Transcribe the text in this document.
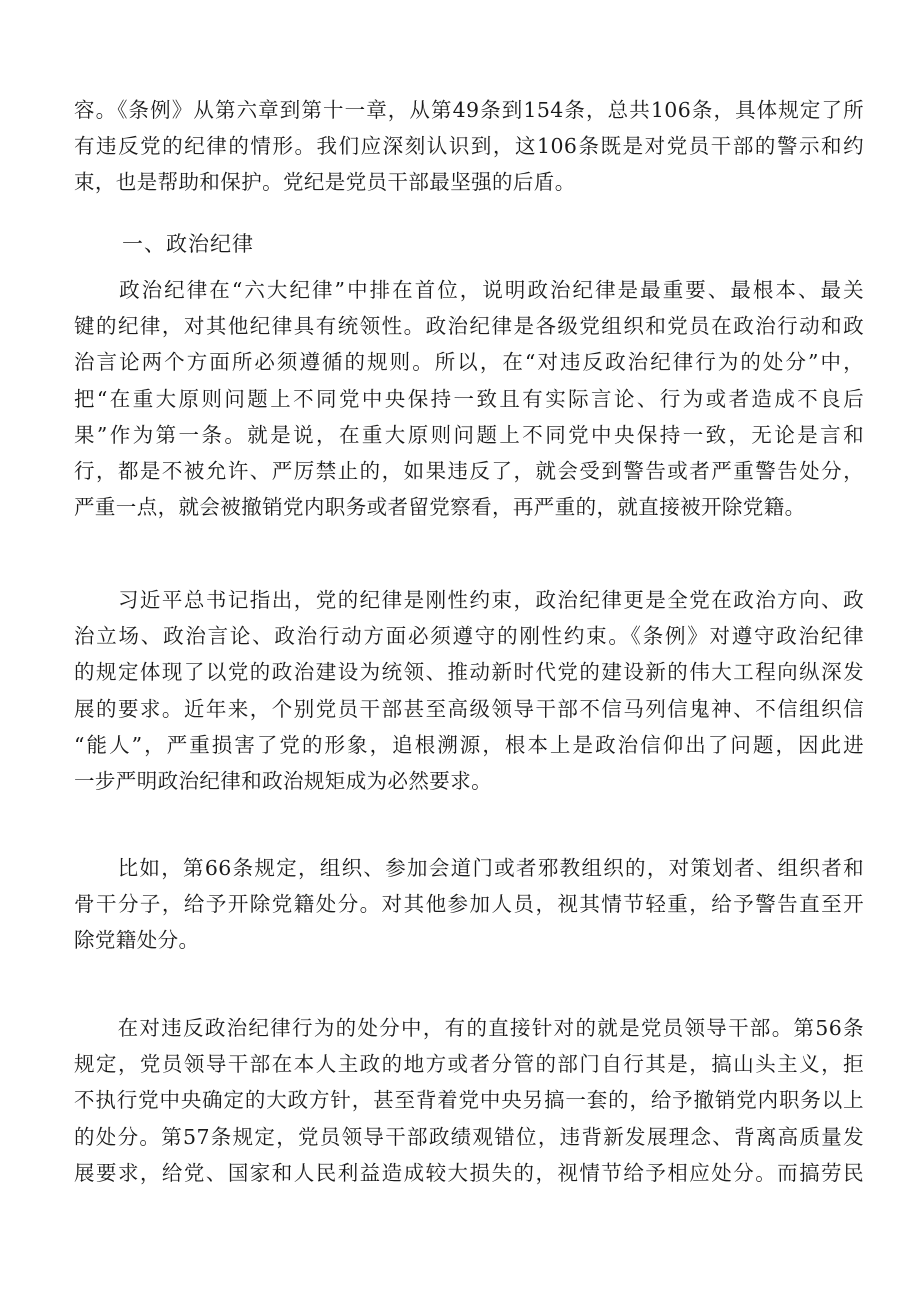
容。《条例》从第六章到第十一章，从第49条到154条，总共106条，具体规定了所
有违反党的纪律的情形。我们应深刻认识到，这106条既是对党员干部的警示和约
束，也是帮助和保护。党纪是党员干部最坚强的后盾。
一、政治纪律
　　政治纪律在“六大纪律”中排在首位，说明政治纪律是最重要、最根本、最关
键的纪律，对其他纪律具有统领性。政治纪律是各级党组织和党员在政治行动和政
治言论两个方面所必须遵循的规则。所以，在“对违反政治纪律行为的处分”中，
把“在重大原则问题上不同党中央保持一致且有实际言论、行为或者造成不良后
果”作为第一条。就是说，在重大原则问题上不同党中央保持一致，无论是言和
行，都是不被允许、严厉禁止的，如果违反了，就会受到警告或者严重警告处分，
严重一点，就会被撤销党内职务或者留党察看，再严重的，就直接被开除党籍。
　　习近平总书记指出，党的纪律是刚性约束，政治纪律更是全党在政治方向、政
治立场、政治言论、政治行动方面必须遵守的刚性约束。《条例》对遵守政治纪律
的规定体现了以党的政治建设为统领、推动新时代党的建设新的伟大工程向纵深发
展的要求。近年来，个别党员干部甚至高级领导干部不信马列信鬼神、不信组织信
“能人”，严重损害了党的形象，追根溯源，根本上是政治信仰出了问题，因此进
一步严明政治纪律和政治规矩成为必然要求。
　　比如，第66条规定，组织、参加会道门或者邪教组织的，对策划者、组织者和
骨干分子，给予开除党籍处分。对其他参加人员，视其情节轻重，给予警告直至开
除党籍处分。
　　在对违反政治纪律行为的处分中，有的直接针对的就是党员领导干部。第56条
规定，党员领导干部在本人主政的地方或者分管的部门自行其是，搞山头主义，拒
不执行党中央确定的大政方针，甚至背着党中央另搞一套的，给予撤销党内职务以上
的处分。第57条规定，党员领导干部政绩观错位，违背新发展理念、背离高质量发
展要求，给党、国家和人民利益造成较大损失的，视情节给予相应处分。而搞劳民
